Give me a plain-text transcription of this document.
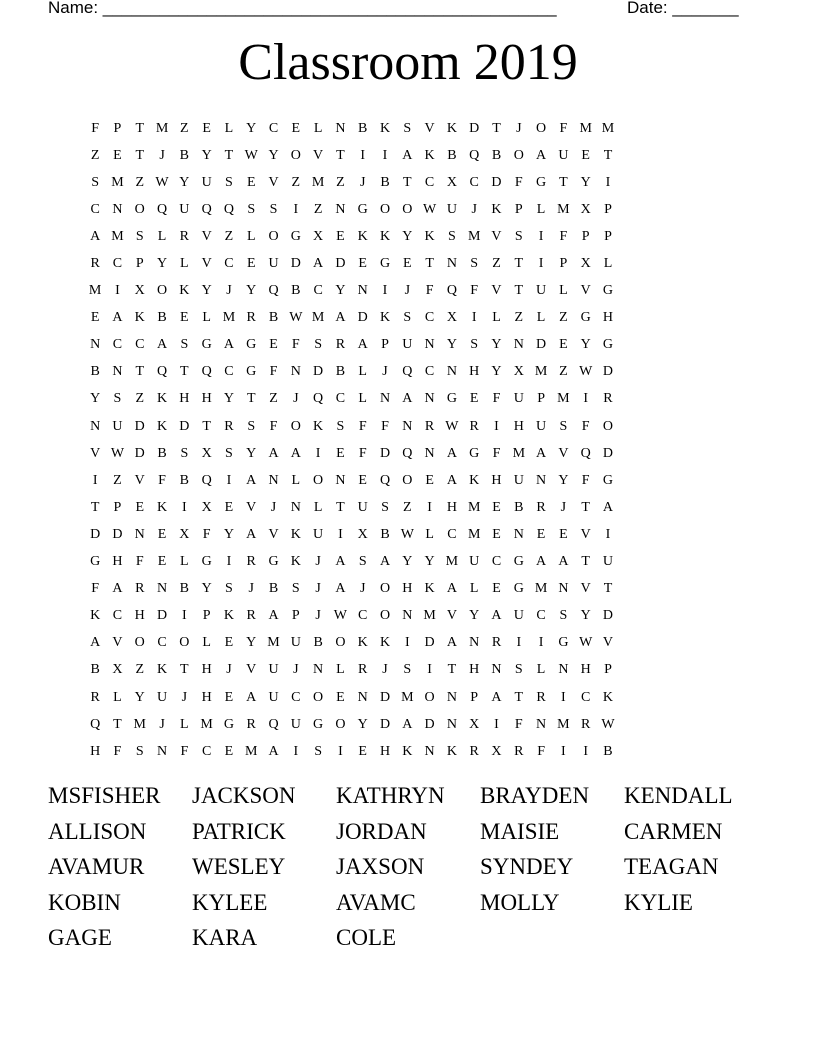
Name: ________________________________________________	Date: _______
Classroom 2019
F	P	T M Z E L Y C E L N B K S V K D T	J	O F M M
Z E T	J	B Y T W Y O V T	I	I	A K B Q B O A U E T
S M Z W Y U S	E V Z M Z	J	B T C X C D F G T Y	I
C N O Q U Q Q S	S	I	Z N G O O W U	J	K P	L M X P
A M S	L R V Z L O G X E K K Y K S M V S	I	F	P	P
R C P Y L V C E U D A D E G E T N S	Z T	I	P X L
M I	X O K Y	J	Y Q B C Y N	I	J	F Q F V T U L V G
E A K B E L M R B W M A D K S C X	I	L Z L Z G H
N C C A S G A G E	F	S R A P U N Y S Y N D E Y G
B N T Q T Q C G F N D B L	J	Q C N H Y X M Z W D
Y S	Z K H H Y T Z	J	Q C L N A N G E	F U P M I	R
N U D K D T R S	F O K S	F	F N R W R	I	H U S	F O
V W D B S X S Y A A	I	E	F D Q N A G F M A V Q D
I	Z V F B Q	I	A N L O N E Q O E A K H U N Y F G
T	P	E K	I	X E V	J	N L T U S	Z	I	H M E B R	J	T A
D D N E X F Y A V K U	I	X B W L C M E N E E V	I
G H F	E L G	I	R G K	J	A S A Y Y M U C G A A T U
F A R N B Y S	J	B S	J	A	J	O H K A L E G M N V T
K C H D	I	P K R A P	J W C O N M V Y A U C S Y D
A V O C O L E Y M U B O K K	I	D A N R	I	I	G W V
B X Z K T H	J	V U	J	N L R	J	S	I	T H N S	L N H P
R L Y U	J	H E A U C O E N D M O N P A T R	I	C K
Q T M J	L M G R Q U G O Y D A D N X	I	F N M R W
H F	S N F C E M A	I	S	I	E H K N K R X R F	I	I	B
MSFISHER	JACKSON	KATHRYN	BRAYDEN	KENDALL
ALLISON	PATRICK	JORDAN	MAISIE	CARMEN
AVAMUR	WESLEY	JAXSON	SYNDEY	TEAGAN
KOBIN	KYLEE	AVAMC	MOLLY	KYLIE
GAGE	KARA	COLE
